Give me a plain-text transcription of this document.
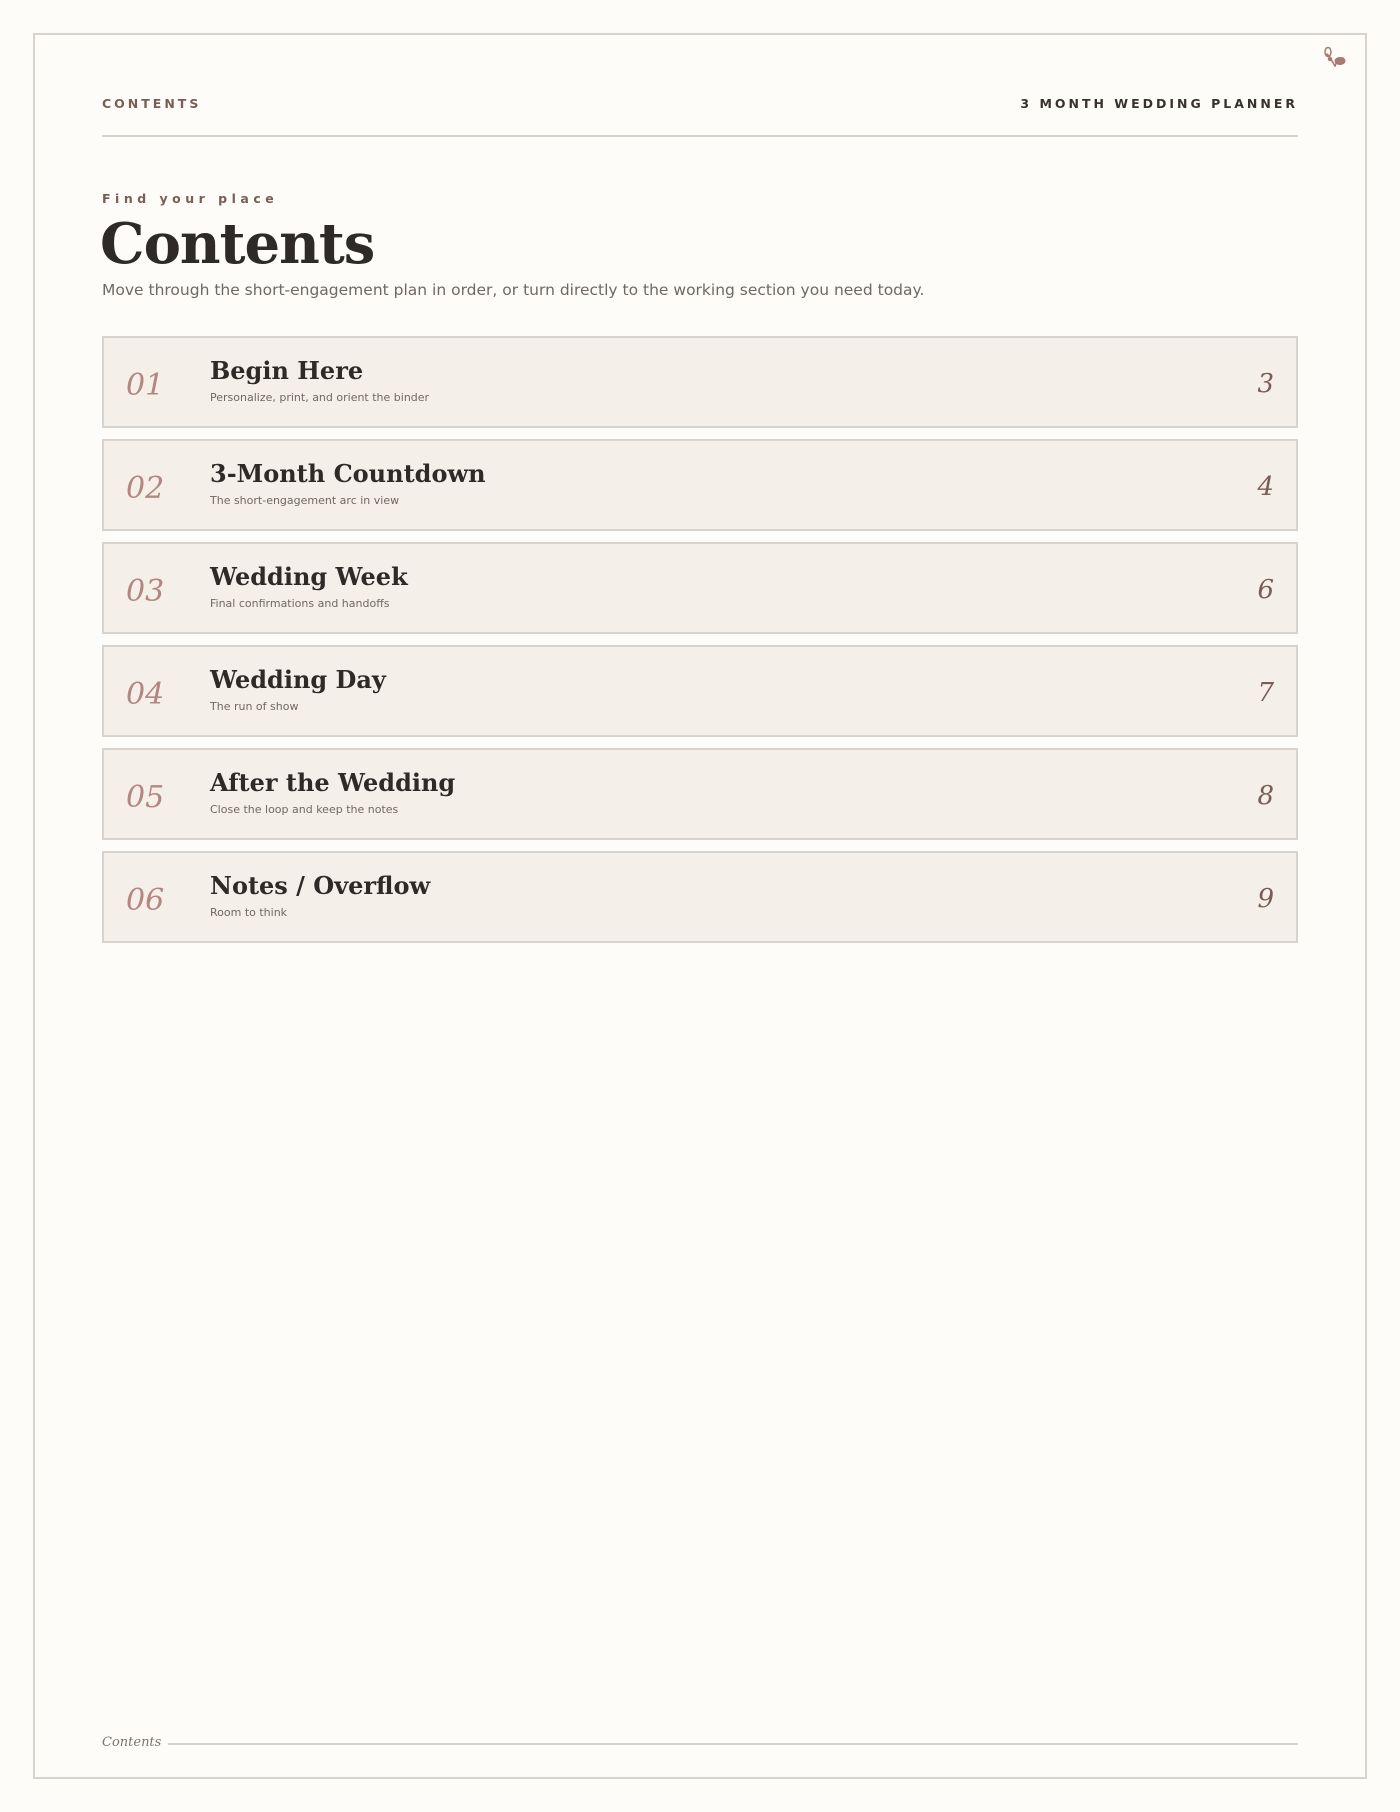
CONTENTS	3 MONTH WEDDING PLANNER
Find your place
Contents

Move through the short-engagement plan in order, or turn directly to the working section you need today.

01 Begin Here
Personalize, print, and orient the binder	3
02 3-Month Countdown
The short-engagement arc in view	4
03 Wedding Week
Final confirmations and handoffs	6
04 Wedding Day
The run of show	7
05 After the Wedding
Close the loop and keep the notes	8
06 Notes / Overflow
Room to think	9
Contents
